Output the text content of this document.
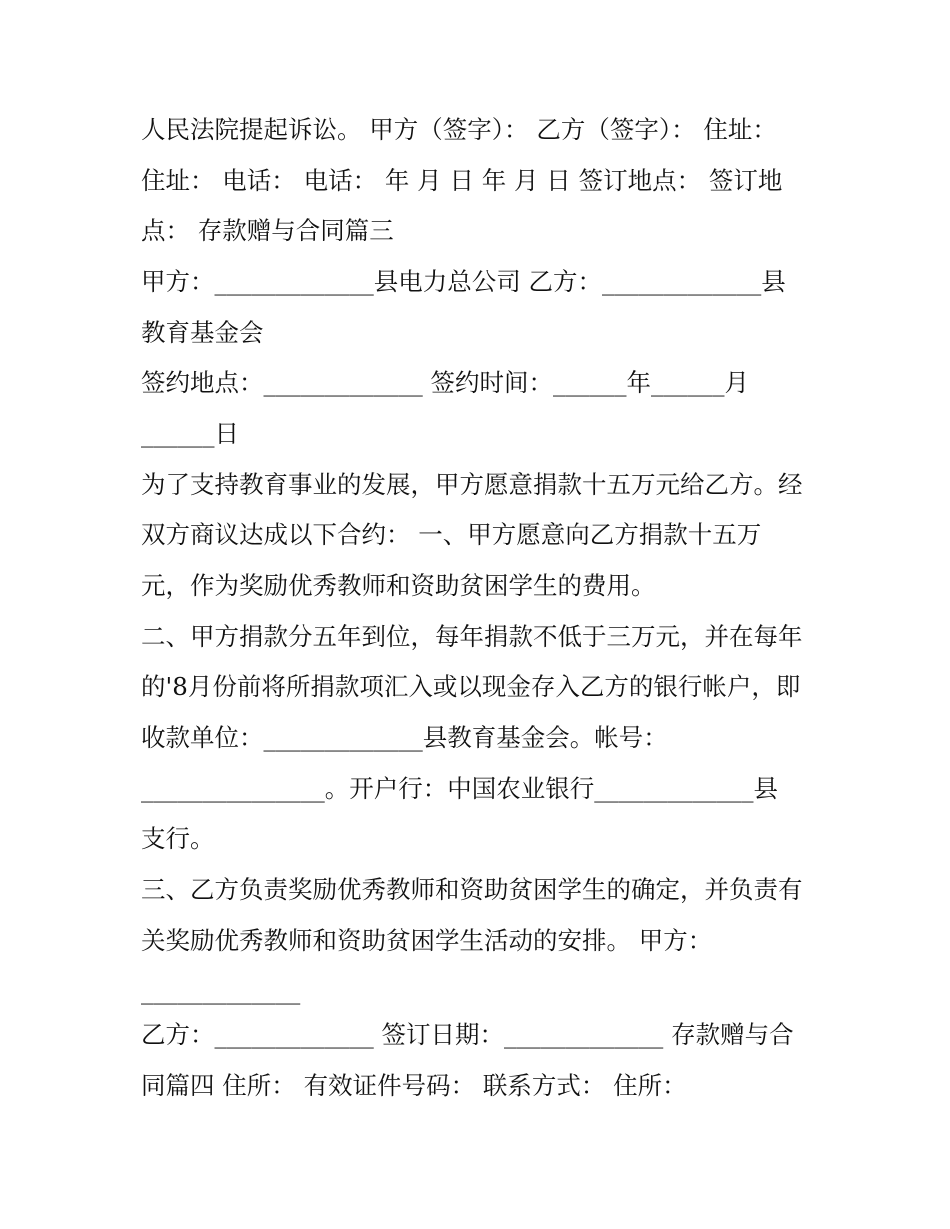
人民法院提起诉讼。 甲方（签字）： 乙方（签字）： 住址：

住址： 电话： 电话： 年 月 日 年 月 日 签订地点： 签订地

点： 存款赠与合同篇三

甲方：_____________县电力总公司 乙方：_____________县

教育基金会

签约地点：_____________ 签约时间：______年______月

______日

为了支持教育事业的发展，甲方愿意捐款十五万元给乙方。经

双方商议达成以下合约： 一、甲方愿意向乙方捐款十五万

元，作为奖励优秀教师和资助贫困学生的费用。

二、甲方捐款分五年到位，每年捐款不低于三万元，并在每年

的'8月份前将所捐款项汇入或以现金存入乙方的银行帐户，即

收款单位：_____________县教育基金会。帐号：

_______________。开户行：中国农业银行_____________县

支行。

三、乙方负责奖励优秀教师和资助贫困学生的确定，并负责有

关奖励优秀教师和资助贫困学生活动的安排。 甲方：

_____________

乙方：_____________ 签订日期：_____________ 存款赠与合

同篇四 住所： 有效证件号码： 联系方式： 住所：
